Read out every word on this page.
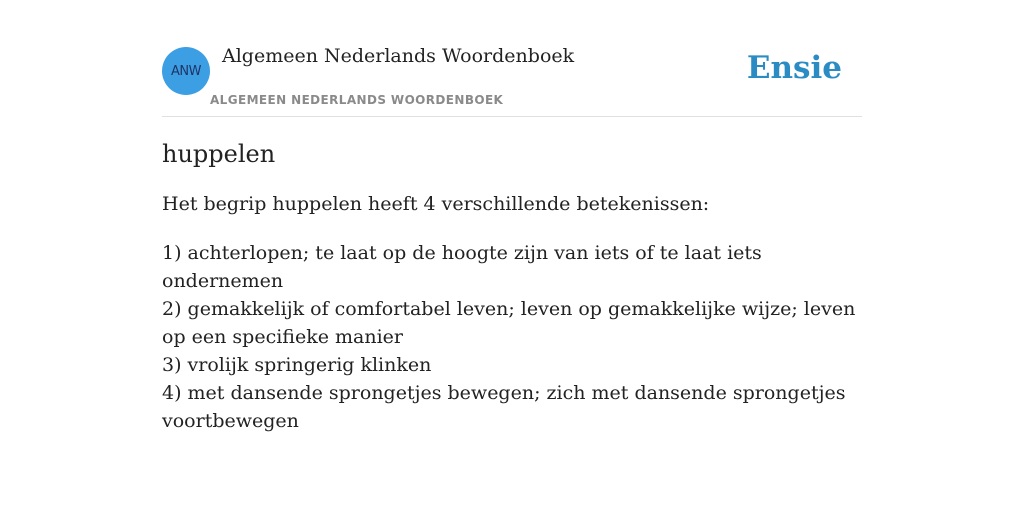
ANW
Algemeen Nederlands Woordenboek
ALGEMEEN NEDERLANDS WOORDENBOEK
Ensie
huppelen

Het begrip huppelen heeft 4 verschillende betekenissen:

1) achterlopen; te laat op de hoogte zijn van iets of te laat iets ondernemen
2) gemakkelijk of comfortabel leven; leven op gemakkelijke wijze; leven op een specifieke manier
3) vrolijk springerig klinken
4) met dansende sprongetjes bewegen; zich met dansende sprongetjes voortbewegen
